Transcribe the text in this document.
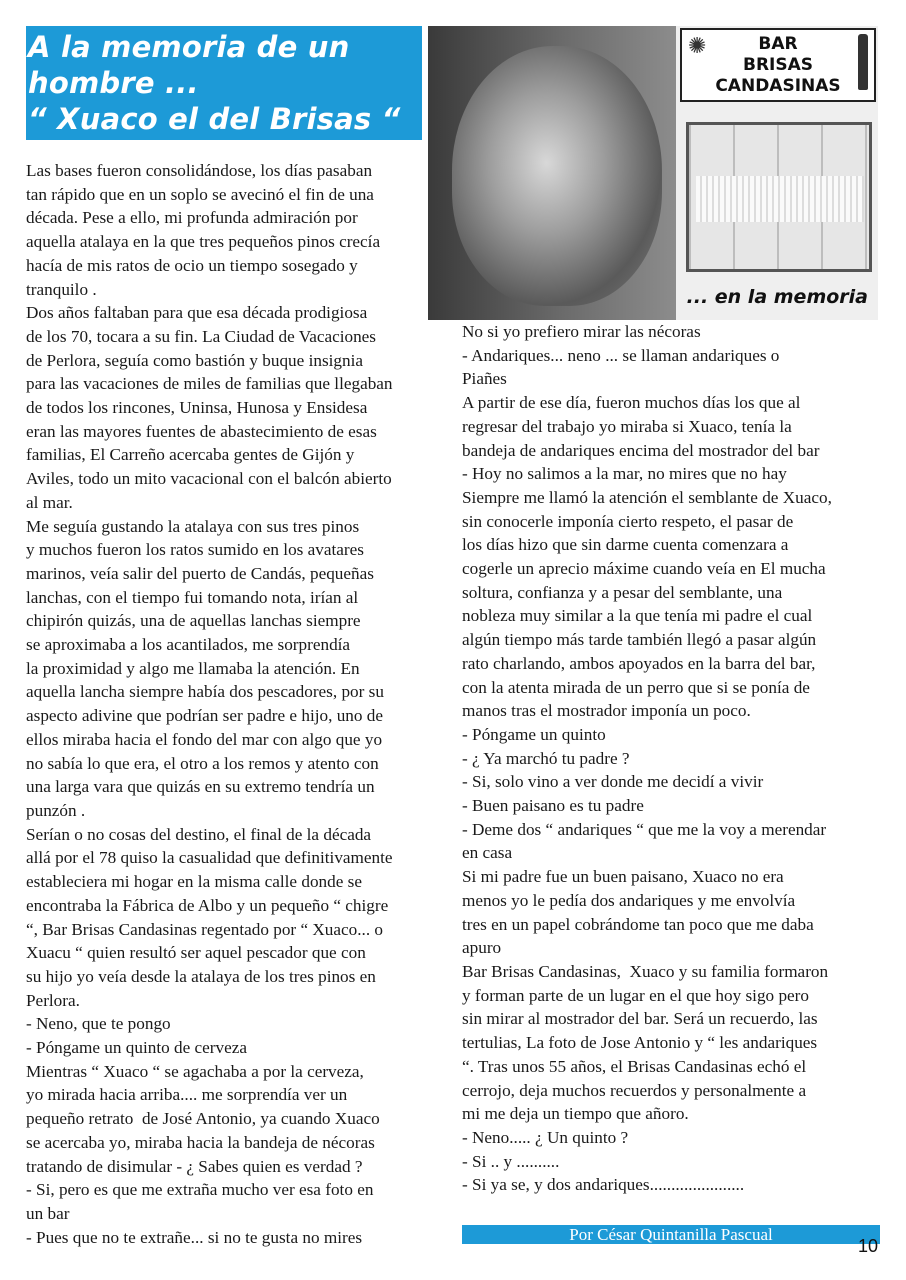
A la memoria de un
hombre ...
“ Xuaco el del Brisas “
✺	BAR
BRISAS
CANDASINAS
... en la memoria

Las bases fueron consolidándose, los días pasaban

tan rápido que en un soplo se avecinó el fin de una

década. Pese a ello, mi profunda admiración por

aquella atalaya en la que tres pequeños pinos crecía

hacía de mis ratos de ocio un tiempo sosegado y

tranquilo .

Dos años faltaban para que esa década prodigiosa

de los 70, tocara a su fin. La Ciudad de Vacaciones

de Perlora, seguía como bastión y buque insignia

para las vacaciones de miles de familias que llegaban

de todos los rincones, Uninsa, Hunosa y Ensidesa

eran las mayores fuentes de abastecimiento de esas

familias, El Carreño acercaba gentes de Gijón y

Aviles, todo un mito vacacional con el balcón abierto

al mar.

Me seguía gustando la atalaya con sus tres pinos

y muchos fueron los ratos sumido en los avatares

marinos, veía salir del puerto de Candás, pequeñas

lanchas, con el tiempo fui tomando nota, irían al

chipirón quizás, una de aquellas lanchas siempre

se aproximaba a los acantilados, me sorprendía

la proximidad y algo me llamaba la atención. En

aquella lancha siempre había dos pescadores, por su

aspecto adivine que podrían ser padre e hijo, uno de

ellos miraba hacia el fondo del mar con algo que yo

no sabía lo que era, el otro a los remos y atento con

una larga vara que quizás en su extremo tendría un

punzón .

Serían o no cosas del destino, el final de la década

allá por el 78 quiso la casualidad que definitivamente

estableciera mi hogar en la misma calle donde se

encontraba la Fábrica de Albo y un pequeño “ chigre

“, Bar Brisas Candasinas regentado por “ Xuaco... o

Xuacu “ quien resultó ser aquel pescador que con

su hijo yo veía desde la atalaya de los tres pinos en

Perlora.

- Neno, que te pongo

- Póngame un quinto de cerveza

Mientras “ Xuaco “ se agachaba a por la cerveza,

yo mirada hacia arriba.... me sorprendía ver un

pequeño retrato  de José Antonio, ya cuando Xuaco

se acercaba yo, miraba hacia la bandeja de nécoras

tratando de disimular - ¿ Sabes quien es verdad ?

- Si, pero es que me extraña mucho ver esa foto en

un bar

- Pues que no te extrañe... si no te gusta no mires

No si yo prefiero mirar las nécoras

- Andariques... neno ... se llaman andariques o

Piañes

A partir de ese día, fueron muchos días los que al

regresar del trabajo yo miraba si Xuaco, tenía la

bandeja de andariques encima del mostrador del bar

- Hoy no salimos a la mar, no mires que no hay

Siempre me llamó la atención el semblante de Xuaco,

sin conocerle imponía cierto respeto, el pasar de

los días hizo que sin darme cuenta comenzara a

cogerle un aprecio máxime cuando veía en El mucha

soltura, confianza y a pesar del semblante, una

nobleza muy similar a la que tenía mi padre el cual

algún tiempo más tarde también llegó a pasar algún

rato charlando, ambos apoyados en la barra del bar,

con la atenta mirada de un perro que si se ponía de

manos tras el mostrador imponía un poco.

- Póngame un quinto

- ¿ Ya marchó tu padre ?

- Si, solo vino a ver donde me decidí a vivir

- Buen paisano es tu padre

- Deme dos “ andariques “ que me la voy a merendar

en casa

Si mi padre fue un buen paisano, Xuaco no era

menos yo le pedía dos andariques y me envolvía

tres en un papel cobrándome tan poco que me daba

apuro

Bar Brisas Candasinas,  Xuaco y su familia formaron

y forman parte de un lugar en el que hoy sigo pero

sin mirar al mostrador del bar. Será un recuerdo, las

tertulias, La foto de Jose Antonio y “ les andariques

“. Tras unos 55 años, el Brisas Candasinas echó el

cerrojo, deja muchos recuerdos y personalmente a

mi me deja un tiempo que añoro.

- Neno..... ¿ Un quinto ?

- Si .. y ..........

- Si ya se, y dos andariques......................

Por César Quintanilla Pascual
10
